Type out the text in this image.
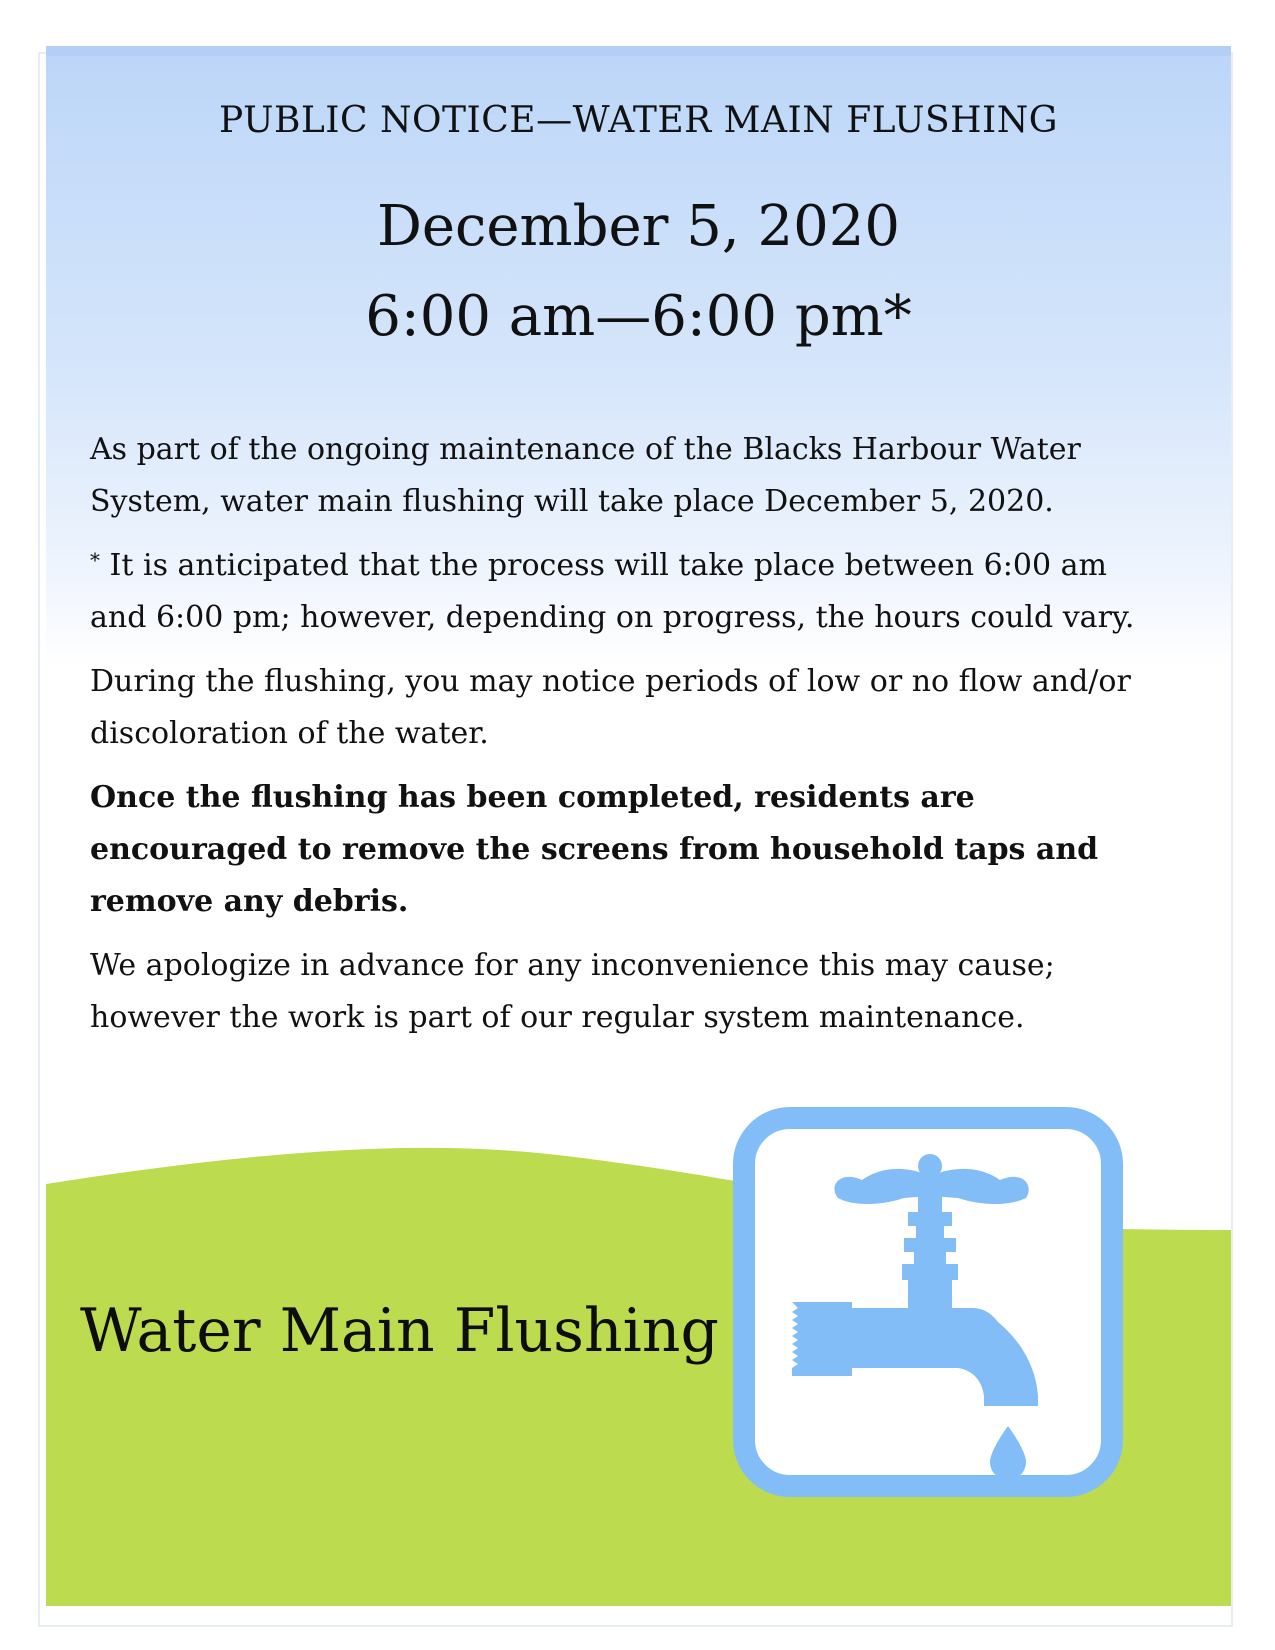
PUBLIC NOTICE—WATER MAIN FLUSHING
December 5, 2020
6:00 am—6:00 pm*

As part of the ongoing maintenance of the Blacks Harbour Water System, water main flushing will take place December 5, 2020.

* It is anticipated that the process will take place between 6:00 am and 6:00 pm; however, depending on progress, the hours could vary.

During the flushing, you may notice periods of low or no flow and/or discoloration of the water.

Once the flushing has been completed, residents are encouraged to remove the screens from household taps and remove any debris.

We apologize in advance for any inconvenience this may cause; however the work is part of our regular system maintenance.

Water Main Flushing
